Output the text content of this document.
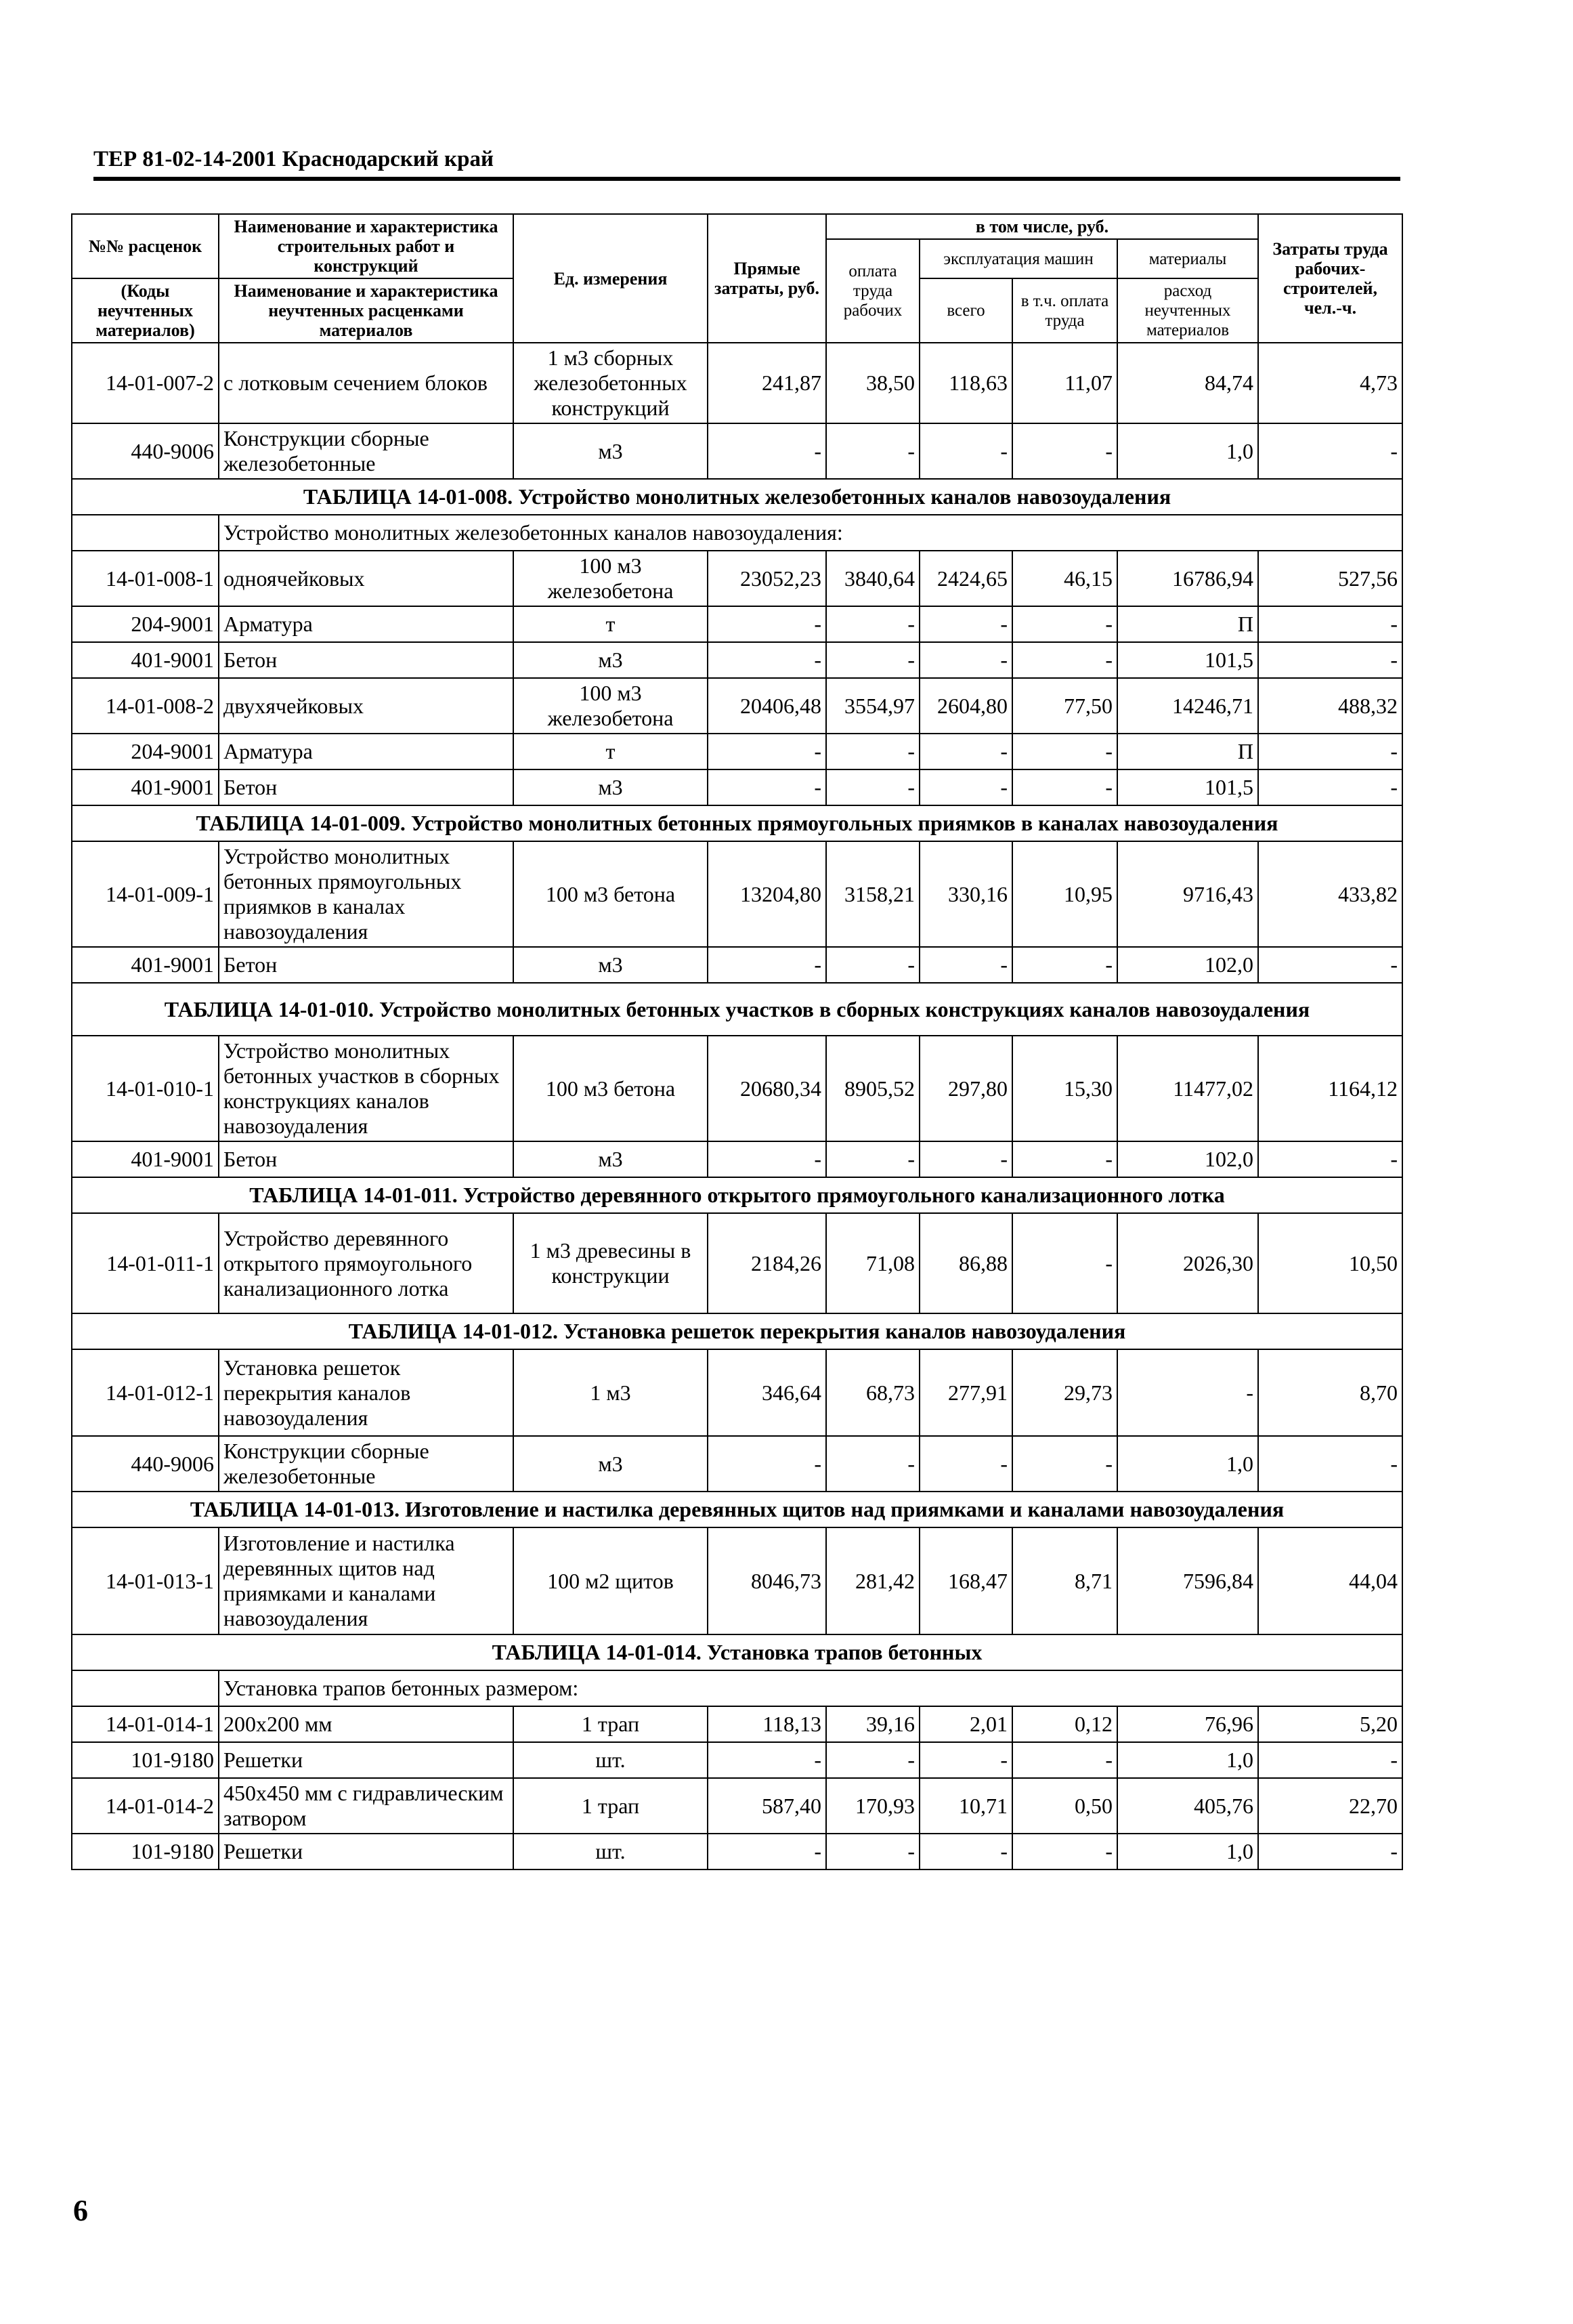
ТЕР 81-02-14-2001 Краснодарский край
№№ расценок	Наименование и характеристика строительных работ и конструкций	Ед. измерения	Прямые затраты, руб.	в том числе, руб.				Затраты труда рабочих-строителей, чел.-ч.
				оплата труда рабочих	эксплуатация машин		материалы	
(Коды неучтенных материалов)	Наименование и характеристика неучтенных расценками материалов				всего	в т.ч. оплата труда		
							расход неучтенных материалов	
14-01-007-2	с лотковым сечением блоков	1 м3 сборных железобетонных конструкций	241,87	38,50	118,63	11,07	84,74	4,73
440-9006	Конструкции сборные железобетонные	м3	-	-	-	-	1,0	-
ТАБЛИЦА 14-01-008. Устройство монолитных железобетонных каналов навозоудаления								
	Устройство монолитных железобетонных каналов навозоудаления:							
14-01-008-1	одноячейковых	100 м3 железобетона	23052,23	3840,64	2424,65	46,15	16786,94	527,56
204-9001	Арматура	т	-	-	-	-	П	-
401-9001	Бетон	м3	-	-	-	-	101,5	-
14-01-008-2	двухячейковых	100 м3 железобетона	20406,48	3554,97	2604,80	77,50	14246,71	488,32
204-9001	Арматура	т	-	-	-	-	П	-
401-9001	Бетон	м3	-	-	-	-	101,5	-
ТАБЛИЦА 14-01-009. Устройство монолитных бетонных прямоугольных приямков в каналах навозоудаления								
14-01-009-1	Устройство монолитных бетонных прямоугольных приямков в каналах навозоудаления	100 м3 бетона	13204,80	3158,21	330,16	10,95	9716,43	433,82
401-9001	Бетон	м3	-	-	-	-	102,0	-
ТАБЛИЦА 14-01-010. Устройство монолитных бетонных участков в сборных конструкциях каналов навозоудаления								
14-01-010-1	Устройство монолитных бетонных участков в сборных конструкциях каналов навозоудаления	100 м3 бетона	20680,34	8905,52	297,80	15,30	11477,02	1164,12
401-9001	Бетон	м3	-	-	-	-	102,0	-
ТАБЛИЦА 14-01-011. Устройство деревянного открытого прямоугольного канализационного лотка								
14-01-011-1	Устройство деревянного открытого прямоугольного канализационного лотка	1 м3 древесины в конструкции	2184,26	71,08	86,88	-	2026,30	10,50
ТАБЛИЦА 14-01-012. Установка решеток перекрытия каналов навозоудаления								
14-01-012-1	Установка решеток перекрытия каналов навозоудаления	1 м3	346,64	68,73	277,91	29,73	-	8,70
440-9006	Конструкции сборные железобетонные	м3	-	-	-	-	1,0	-
ТАБЛИЦА 14-01-013. Изготовление и настилка деревянных щитов над приямками и каналами навозоудаления								
14-01-013-1	Изготовление и настилка деревянных щитов над приямками и каналами навозоудаления	100 м2 щитов	8046,73	281,42	168,47	8,71	7596,84	44,04
ТАБЛИЦА 14-01-014. Установка трапов бетонных								
	Установка трапов бетонных размером:							
14-01-014-1	200х200 мм	1 трап	118,13	39,16	2,01	0,12	76,96	5,20
101-9180	Решетки	шт.	-	-	-	-	1,0	-
14-01-014-2	450х450 мм с гидравлическим затвором	1 трап	587,40	170,93	10,71	0,50	405,76	22,70
101-9180	Решетки	шт.	-	-	-	-	1,0	-
6
